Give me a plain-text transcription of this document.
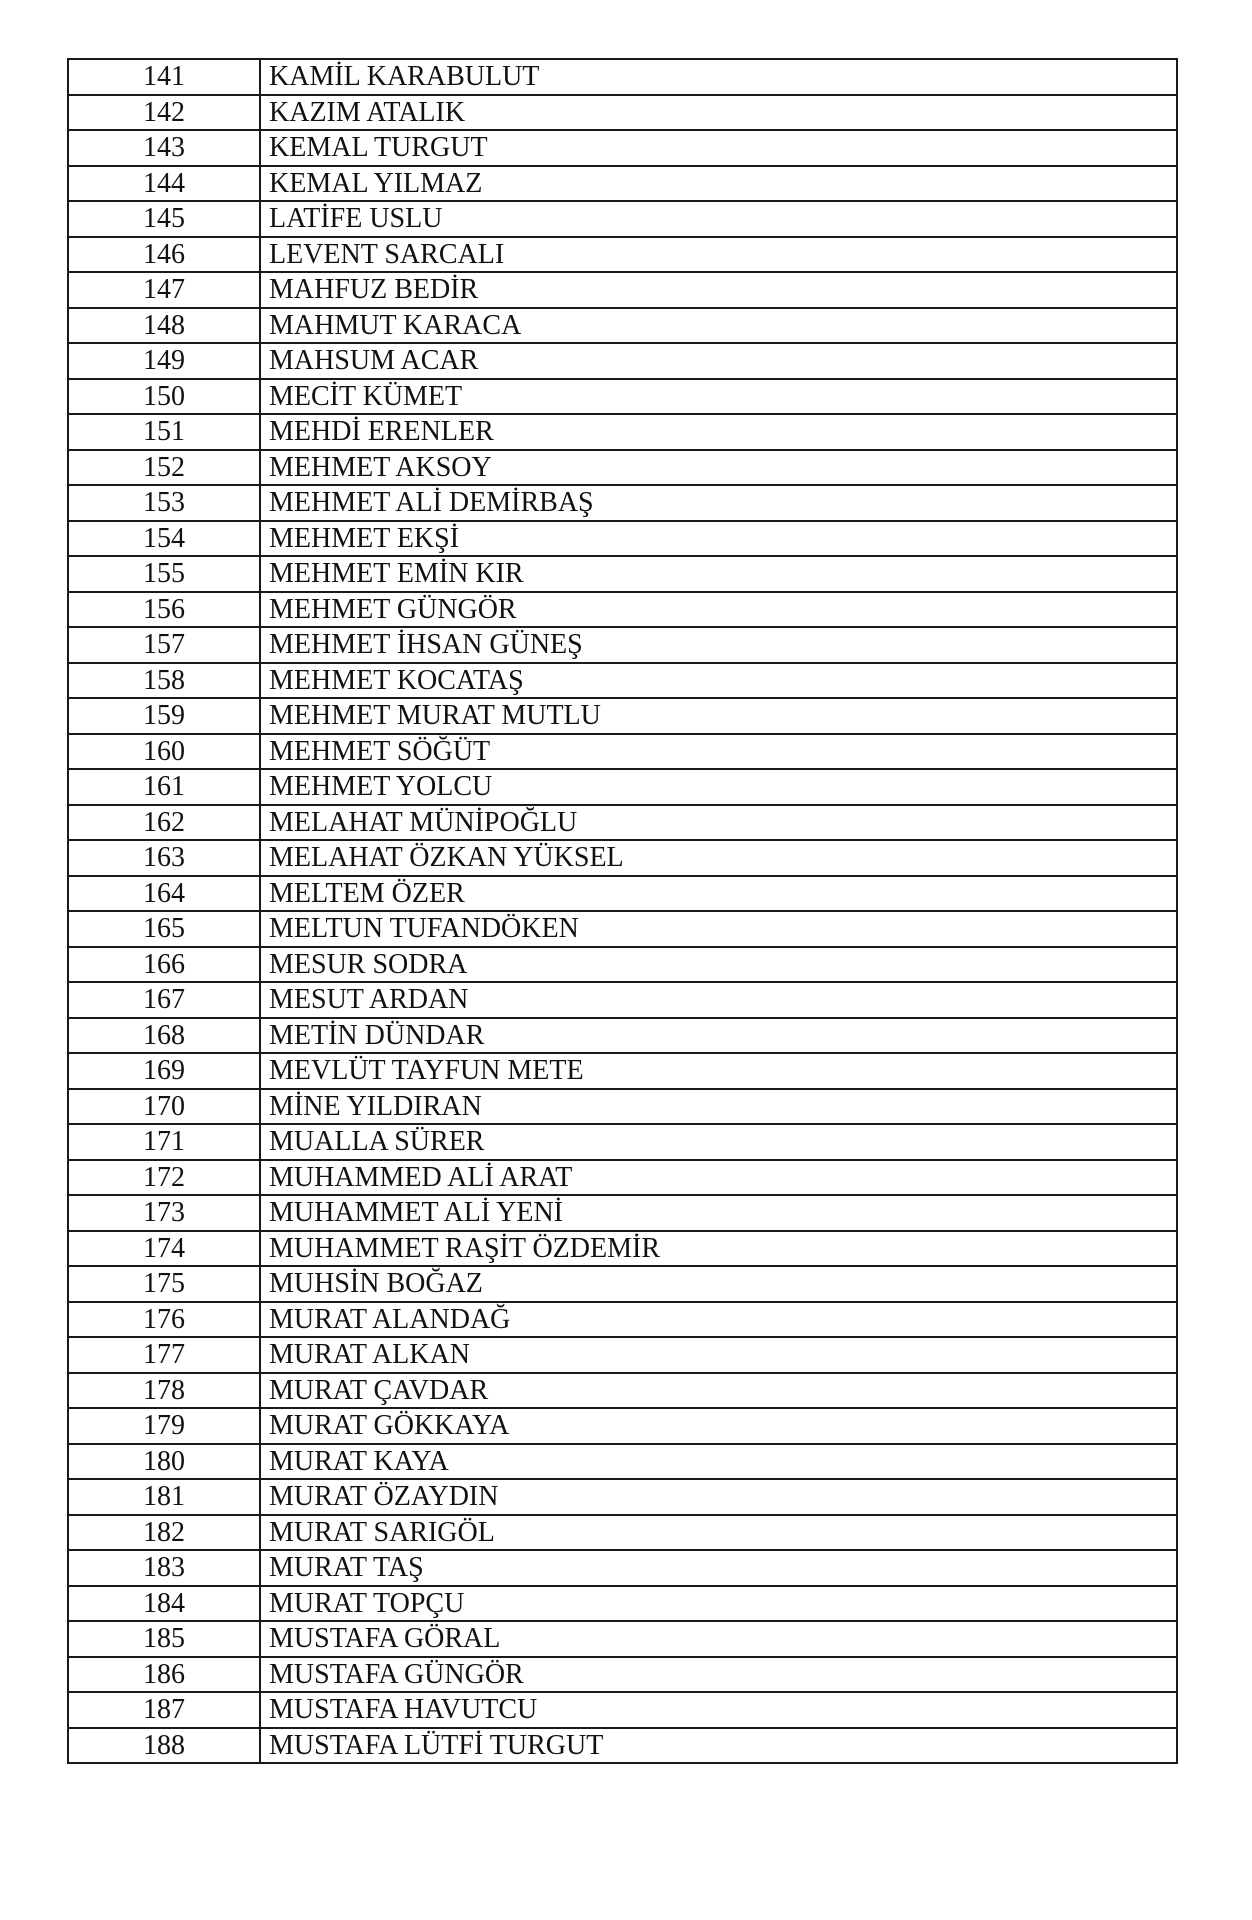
141	KAMİL KARABULUT
142	KAZIM ATALIK
143	KEMAL TURGUT
144	KEMAL YILMAZ
145	LATİFE USLU
146	LEVENT SARCALI
147	MAHFUZ BEDİR
148	MAHMUT KARACA
149	MAHSUM ACAR
150	MECİT KÜMET
151	MEHDİ ERENLER
152	MEHMET AKSOY
153	MEHMET ALİ DEMİRBAŞ
154	MEHMET EKŞİ
155	MEHMET EMİN KIR
156	MEHMET GÜNGÖR
157	MEHMET İHSAN GÜNEŞ
158	MEHMET KOCATAŞ
159	MEHMET MURAT MUTLU
160	MEHMET SÖĞÜT
161	MEHMET YOLCU
162	MELAHAT MÜNİPOĞLU
163	MELAHAT ÖZKAN YÜKSEL
164	MELTEM ÖZER
165	MELTUN TUFANDÖKEN
166	MESUR SODRA
167	MESUT ARDAN
168	METİN DÜNDAR
169	MEVLÜT TAYFUN METE
170	MİNE YILDIRAN
171	MUALLA SÜRER
172	MUHAMMED ALİ ARAT
173	MUHAMMET ALİ YENİ
174	MUHAMMET RAŞİT ÖZDEMİR
175	MUHSİN BOĞAZ
176	MURAT ALANDAĞ
177	MURAT ALKAN
178	MURAT ÇAVDAR
179	MURAT GÖKKAYA
180	MURAT KAYA
181	MURAT ÖZAYDIN
182	MURAT SARIGÖL
183	MURAT TAŞ
184	MURAT TOPÇU
185	MUSTAFA GÖRAL
186	MUSTAFA GÜNGÖR
187	MUSTAFA HAVUTCU
188	MUSTAFA LÜTFİ TURGUT
